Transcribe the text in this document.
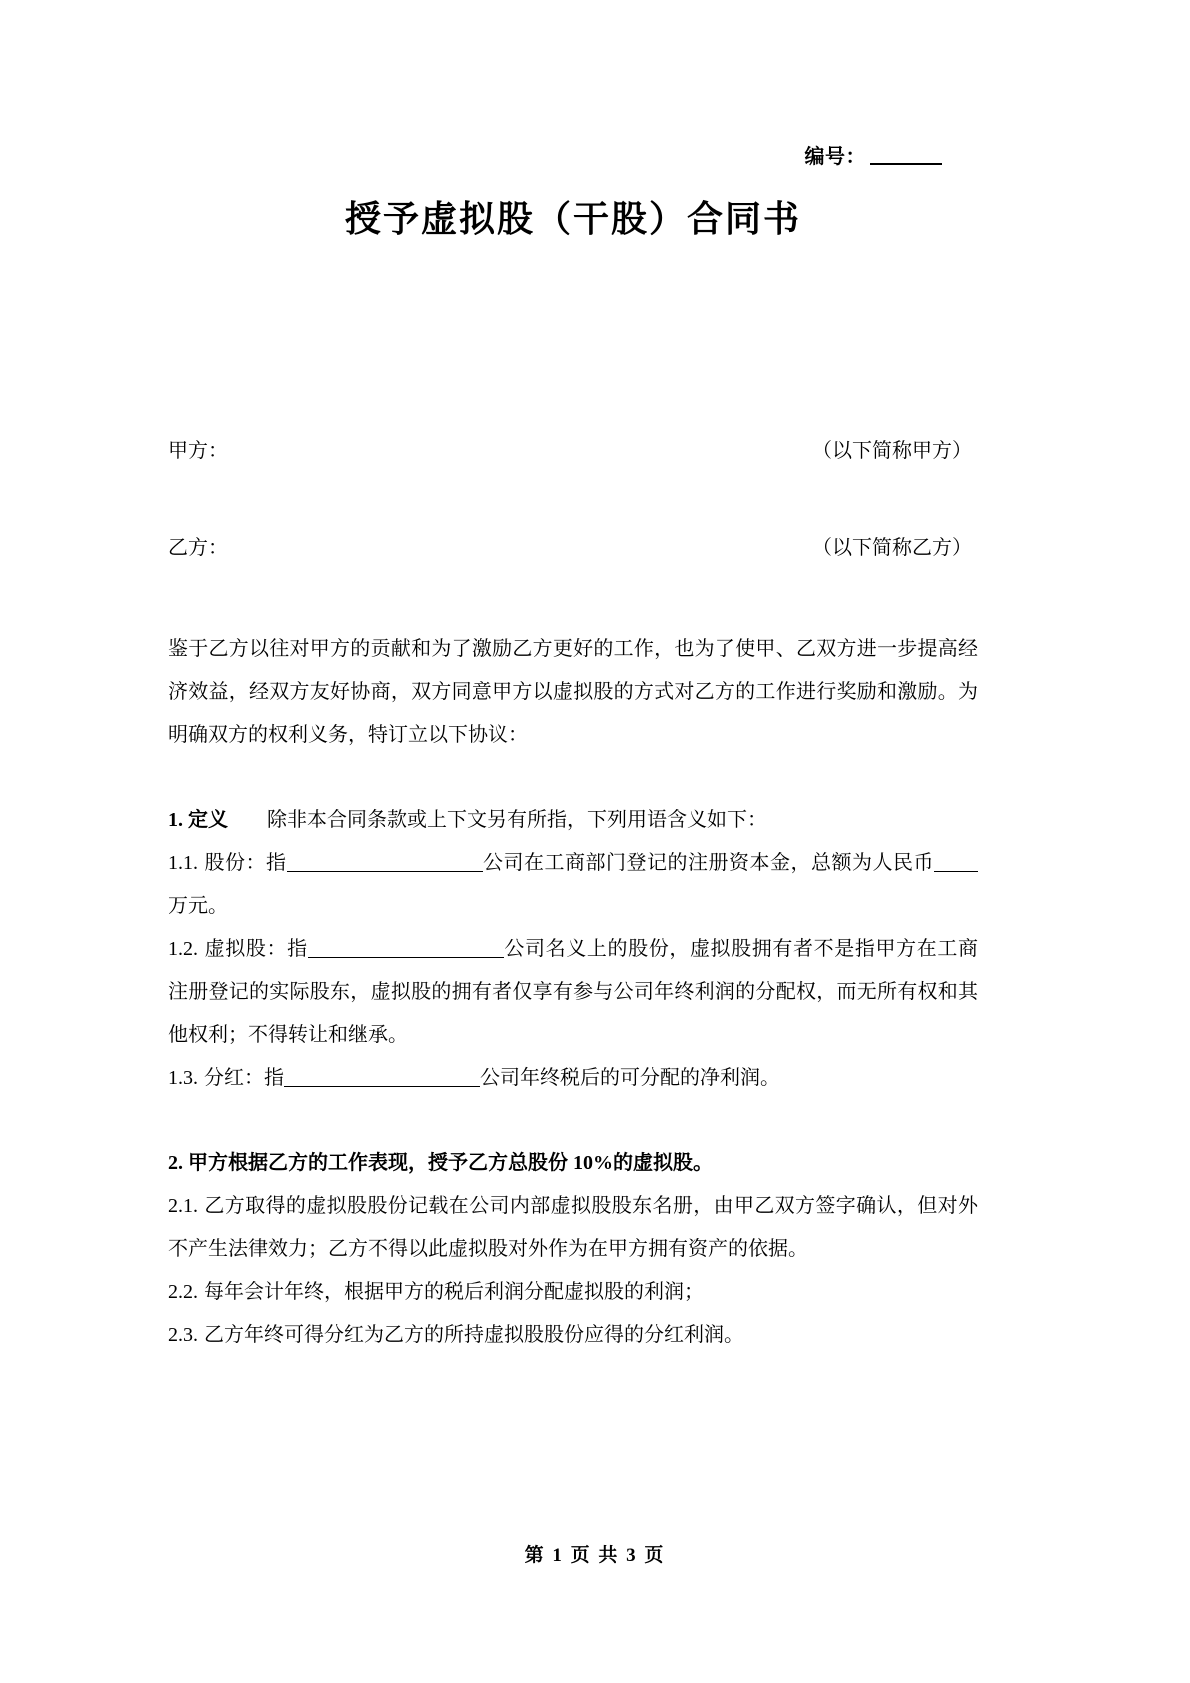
编号：
授予虚拟股（干股）合同书
甲方：	（以下简称甲方）
乙方：	（以下简称乙方）

鉴于乙方以往对甲方的贡献和为了激励乙方更好的工作，也为了使甲、乙双方进一步提高经济效益，经双方友好协商，双方同意甲方以虚拟股的方式对乙方的工作进行奖励和激励。为明确双方的权利义务，特订立以下协议：

1. 定义 除非本合同条款或上下文另有所指，下列用语含义如下：

1.1. 股份：指	公司在工商部门登记的注册资本金，总额为人民币万元。

1.2. 虚拟股：指	公司名义上的股份，虚拟股拥有者不是指甲方在工商注册登记的实际股东，虚拟股的拥有者仅享有参与公司年终利润的分配权，而无所有权和其他权利；不得转让和继承。

1.3. 分红：指	公司年终税后的可分配的净利润。

2. 甲方根据乙方的工作表现，授予乙方总股份 10%的虚拟股。

2.1. 乙方取得的虚拟股股份记载在公司内部虚拟股股东名册，由甲乙双方签字确认，但对外不产生法律效力；乙方不得以此虚拟股对外作为在甲方拥有资产的依据。

2.2. 每年会计年终，根据甲方的税后利润分配虚拟股的利润；

2.3. 乙方年终可得分红为乙方的所持虚拟股股份应得的分红利润。

第 1 页 共 3 页
